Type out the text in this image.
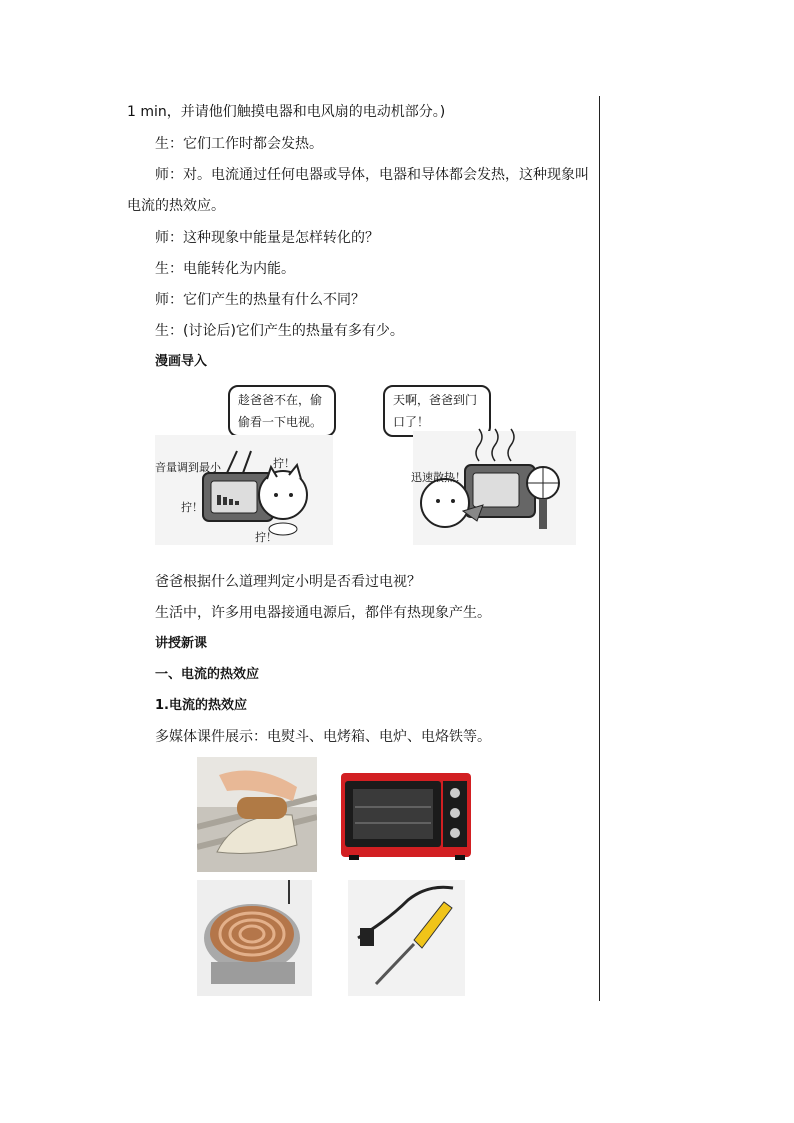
1 min，并请他们触摸电器和电风扇的电动机部分。)
生：它们工作时都会发热。
师：对。电流通过任何电器或导体，电器和导体都会发热，这种现象叫
电流的热效应。
师：这种现象中能量是怎样转化的？
生：电能转化为内能。
师：它们产生的热量有什么不同？
生：(讨论后)它们产生的热量有多有少。
漫画导入
趁爸爸不在，偷
偷看一下电视。
音量调到最小	拧！
拧！
拧！
天啊，爸爸到门
口了！
迅速散热！
爸爸根据什么道理判定小明是否看过电视？
生活中，许多用电器接通电源后，都伴有热现象产生。
讲授新课
一、电流的热效应
1.电流的热效应
多媒体课件展示：电熨斗、电烤箱、电炉、电烙铁等。
